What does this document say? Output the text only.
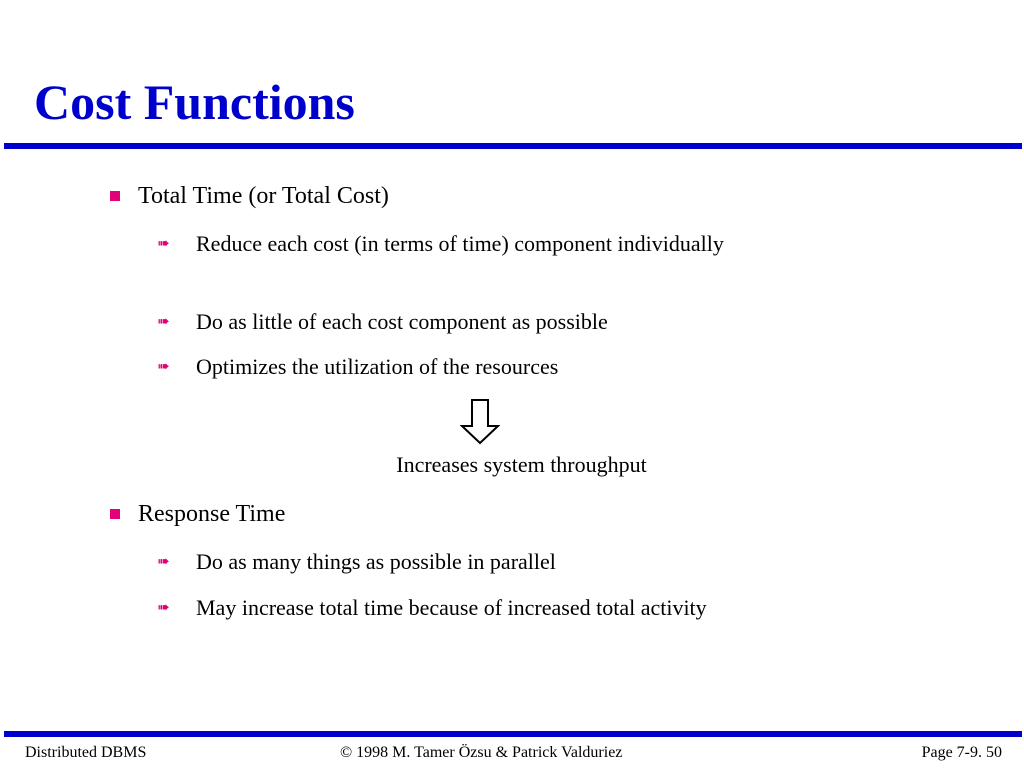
Cost Functions
Total Time (or Total Cost)
➠ Reduce each cost (in terms of time) component individually
➠ Do as little of each cost component as possible
➠ Optimizes the utilization of the resources
Increases system throughput
Response Time
➠ Do as many things as possible in parallel
➠ May increase total time because of increased total activity
Distributed DBMS	© 1998 M. Tamer Özsu & Patrick Valduriez	Page 7-9. 50
